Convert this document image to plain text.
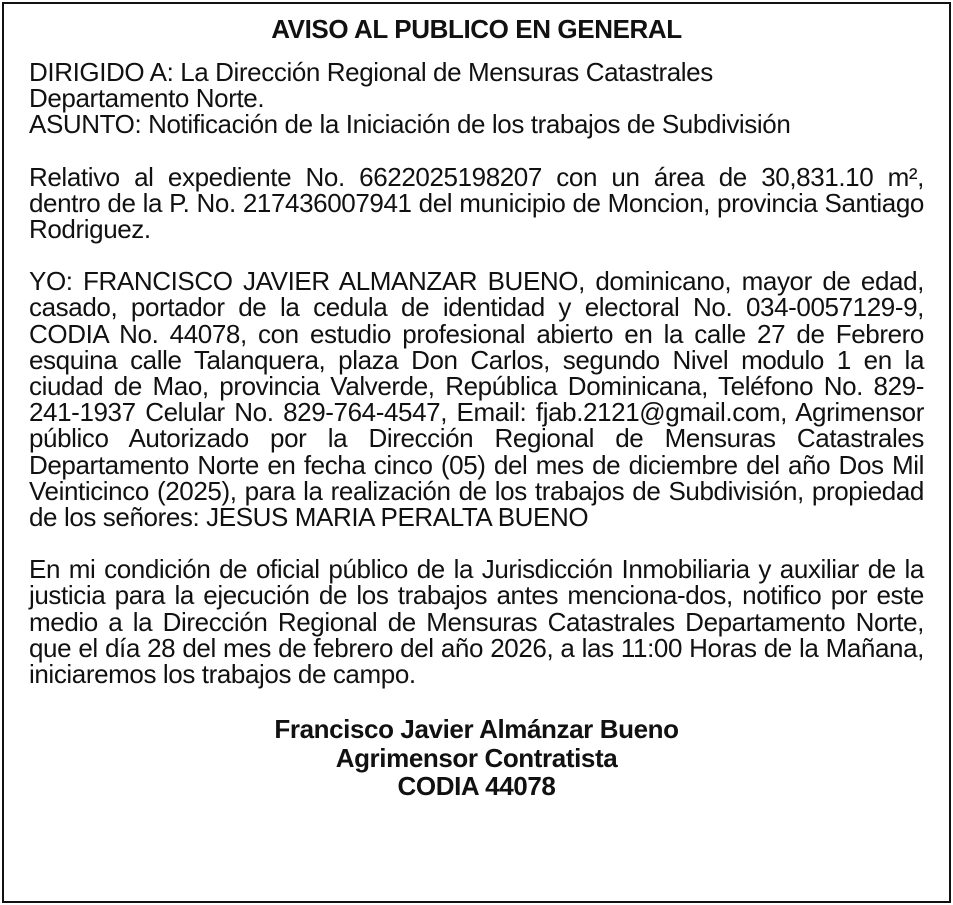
AVISO AL PUBLICO EN GENERAL

DIRIGIDO A: La Dirección Regional de Mensuras Catastrales

Departamento Norte.

ASUNTO: Notificación de la Iniciación de los trabajos de Subdivisión

Relativo al expediente No. 6622025198207 con un área de 30,831.10 m², dentro de la P. No. 217436007941 del municipio de Moncion, provincia Santiago Rodriguez.

YO: FRANCISCO JAVIER ALMANZAR BUENO, dominicano, mayor de edad, casado, portador de la cedula de identidad y electoral No. 034-0057129-9, CODIA No. 44078, con estudio profesional abierto en la calle 27 de Febrero esquina calle Talanquera, plaza Don Carlos, segundo Nivel modulo 1 en la ciudad de Mao, provincia Valverde, República Dominicana, Teléfono No. 829-241-1937 Celular No. 829-764-4547, Email: fjab.2121@gmail.com, Agrimensor público Autorizado por la Dirección Regional de Mensuras Catastrales Departamento Norte en fecha cinco (05) del mes de diciembre del año Dos Mil Veinticinco (2025), para la realización de los trabajos de Subdivisión, propiedad de los señores: JESUS MARIA PERALTA BUENO

En mi condición de oficial público de la Jurisdicción Inmobiliaria y auxiliar de la justicia para la ejecución de los trabajos antes menciona-dos, notifico por este medio a la Dirección Regional de Mensuras Catastrales Departamento Norte, que el día 28 del mes de febrero del año 2026, a las 11:00 Horas de la Mañana, iniciaremos los trabajos de campo.

Francisco Javier Almánzar Bueno
Agrimensor Contratista
CODIA 44078
